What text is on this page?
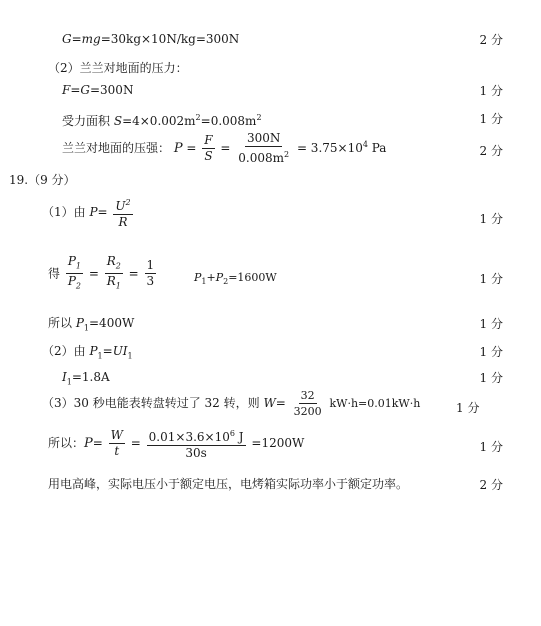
G=mg=30kg×10N/kg=300N	2 分
（2）兰兰对地面的压力：
F=G=300N	1 分
受力面积 $S=4\times 0.002m^2=0.008m^2$	1 分
兰兰对地面的压强： $P = \frac{F}{S} = \frac{300N}{0.008m^2} = 3.75\times 10^4$ Pa	2 分
19.（9 分）
（1）由 $P= \frac{U^2}{R}$	1 分
得 $\frac{P_1}{P_2} = \frac{R_2}{R_1} = \frac{1}{3}$	$P_1+P_2=1600W$	1 分
所以 $P_1=400W$	1 分
（2）由 $P_1=UI_1$	1 分
$I_1=1.8A$	1 分
（3）30 秒电能表转盘转过了 32 转，则 $W= \frac{32}{3200} kW\cdot h=0.01kW\cdot h$	1 分
所以：$P= \frac{W}{t} = \frac{0.01\times 3.6\times 10^6 J}{30s} =1200W$	1 分
用电高峰，实际电压小于额定电压，电烤箱实际功率小于额定功率。	2 分
